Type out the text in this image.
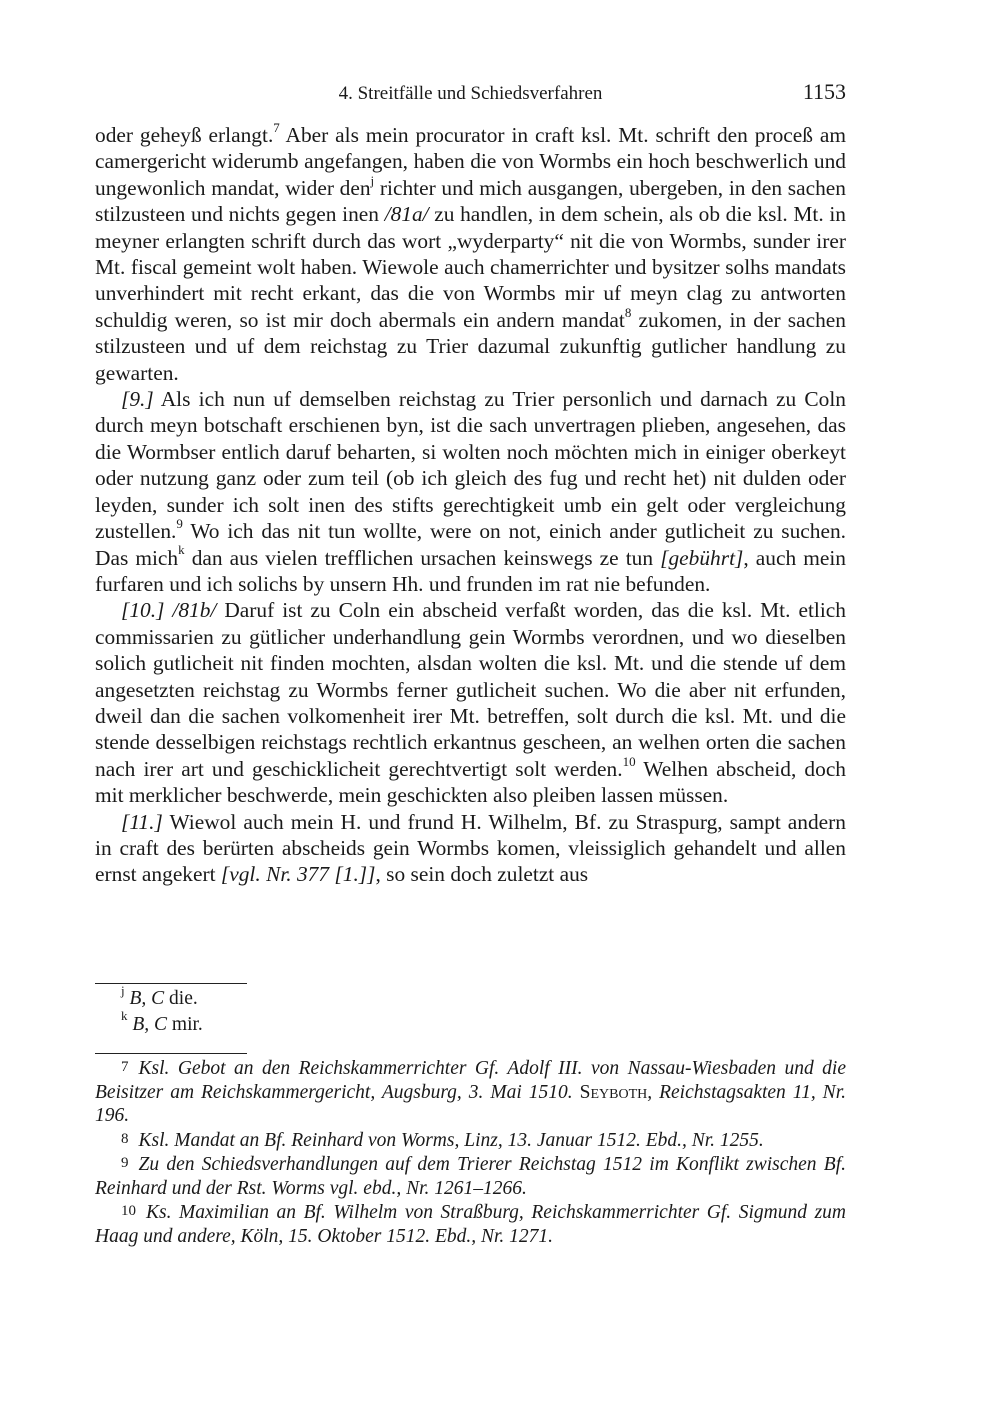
4. Streitfälle und Schiedsverfahren	1153

oder geheyß erlangt.$^7$ Aber als mein procurator in craft ksl. Mt. schrift den proceß am camergericht widerumb angefangen, haben die von Wormbs ein hoch beschwerlich und ungewonlich mandat, wider den$^j$ richter und mich ausgangen, ubergeben, in den sachen stilzusteen und nichts gegen inen /81a/ zu handlen, in dem schein, als ob die ksl. Mt. in meyner erlangten schrift durch das wort „wyderparty“ nit die von Wormbs, sunder irer Mt. fiscal gemeint wolt haben. Wiewole auch chamerrichter und bysitzer solhs mandats unverhindert mit recht erkant, das die von Wormbs mir uf meyn clag zu antworten schuldig weren, so ist mir doch abermals ein andern mandat$^8$ zukomen, in der sachen stilzusteen und uf dem reichstag zu Trier dazumal zukunftig gutlicher handlung zu gewarten.

[9.] Als ich nun uf demselben reichstag zu Trier personlich und darnach zu Coln durch meyn botschaft erschienen byn, ist die sach unvertragen plieben, angesehen, das die Wormbser entlich daruf beharten, si wolten noch möchten mich in einiger oberkeyt oder nutzung ganz oder zum teil (ob ich gleich des fug und recht het) nit dulden oder leyden, sunder ich solt inen des stifts gerechtigkeit umb ein gelt oder vergleichung zustellen.$^9$ Wo ich das nit tun wollte, were on not, einich ander gutlicheit zu suchen. Das mich$^k$ dan aus vielen trefflichen ursachen keinswegs ze tun [gebührt], auch mein furfaren und ich solichs by unsern Hh. und frunden im rat nie befunden.

[10.] /81b/ Daruf ist zu Coln ein abscheid verfaßt worden, das die ksl. Mt. etlich commissarien zu gütlicher underhandlung gein Wormbs verordnen, und wo dieselben solich gutlicheit nit finden mochten, alsdan wolten die ksl. Mt. und die stende uf dem angesetzten reichstag zu Wormbs ferner gutlicheit suchen. Wo die aber nit erfunden, dweil dan die sachen volkomenheit irer Mt. betreffen, solt durch die ksl. Mt. und die stende desselbigen reichstags rechtlich erkantnus gescheen, an welhen orten die sachen nach irer art und geschicklicheit gerechtvertigt solt werden.$^{10}$ Welhen abscheid, doch mit merklicher beschwerde, mein geschickten also pleiben lassen müssen.

[11.] Wiewol auch mein H. und frund H. Wilhelm, Bf. zu Straspurg, sampt andern in craft des berürten abscheids gein Wormbs komen, vleissiglich gehandelt und allen ernst angekert [vgl. Nr. 377 [1.]], so sein doch zuletzt aus

$^j$ B, C die.
$^k$ B, C mir.

7 Ksl. Gebot an den Reichskammerrichter Gf. Adolf III. von Nassau-Wiesbaden und die Beisitzer am Reichskammergericht, Augsburg, 3. Mai 1510. Seyboth, Reichstagsakten 11, Nr. 196.

8 Ksl. Mandat an Bf. Reinhard von Worms, Linz, 13. Januar 1512. Ebd., Nr. 1255.

9 Zu den Schiedsverhandlungen auf dem Trierer Reichstag 1512 im Konflikt zwischen Bf. Reinhard und der Rst. Worms vgl. ebd., Nr. 1261–1266.

10 Ks. Maximilian an Bf. Wilhelm von Straßburg, Reichskammerrichter Gf. Sigmund zum Haag und andere, Köln, 15. Oktober 1512. Ebd., Nr. 1271.
